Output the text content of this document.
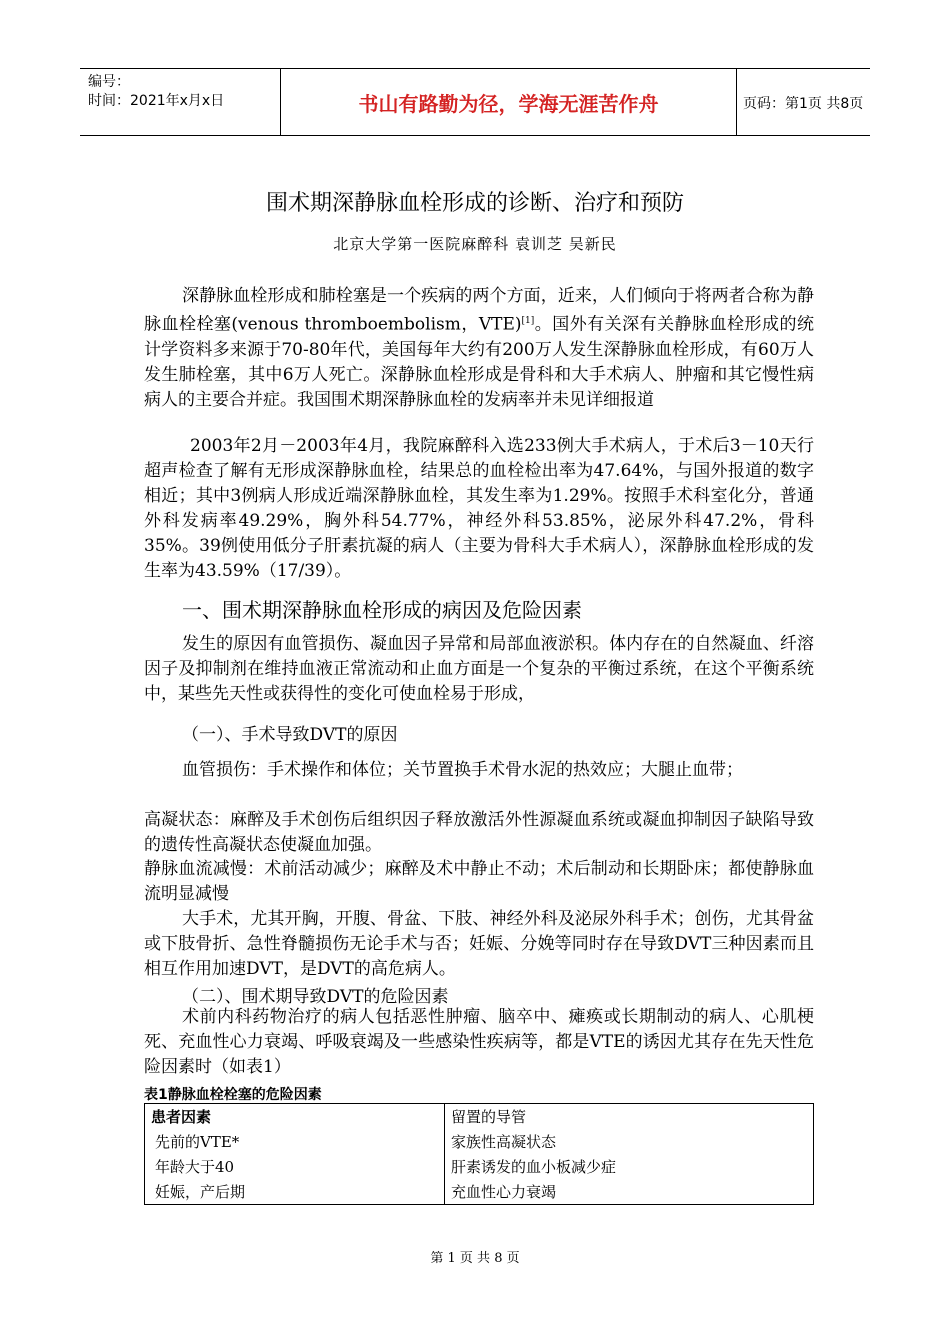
编号：
时间：2021年x月x日	书山有路勤为径，学海无涯苦作舟	页码：第1页 共8页
围术期深静脉血栓形成的诊断、治疗和预防
北京大学第一医院麻醉科 袁训芝 吴新民
深静脉血栓形成和肺栓塞是一个疾病的两个方面，近来，人们倾向于将两者合称为静脉血栓栓塞(venous thromboembolism，VTE)[1]。国外有关深有关静脉血栓形成的统计学资料多来源于70-80年代，美国每年大约有200万人发生深静脉血栓形成，有60万人发生肺栓塞，其中6万人死亡。深静脉血栓形成是骨科和大手术病人、肿瘤和其它慢性病病人的主要合并症。我国围术期深静脉血栓的发病率并未见详细报道
2003年2月－2003年4月，我院麻醉科入选233例大手术病人，于术后3－10天行超声检查了解有无形成深静脉血栓，结果总的血栓检出率为47.64%，与国外报道的数字相近；其中3例病人形成近端深静脉血栓，其发生率为1.29%。按照手术科室化分，普通外科发病率49.29%，胸外科54.77%，神经外科53.85%，泌尿外科47.2%，骨科35%。39例使用低分子肝素抗凝的病人（主要为骨科大手术病人），深静脉血栓形成的发生率为43.59%（17/39）。
一、围术期深静脉血栓形成的病因及危险因素
发生的原因有血管损伤、凝血因子异常和局部血液淤积。体内存在的自然凝血、纤溶因子及抑制剂在维持血液正常流动和止血方面是一个复杂的平衡过系统，在这个平衡系统中，某些先天性或获得性的变化可使血栓易于形成，
（一）、手术导致DVT的原因
血管损伤：手术操作和体位；关节置换手术骨水泥的热效应；大腿止血带；
高凝状态：麻醉及手术创伤后组织因子释放激活外性源凝血系统或凝血抑制因子缺陷导致的遗传性高凝状态使凝血加强。
静脉血流减慢：术前活动减少；麻醉及术中静止不动；术后制动和长期卧床；都使静脉血流明显减慢
大手术，尤其开胸，开腹、骨盆、下肢、神经外科及泌尿外科手术；创伤，尤其骨盆或下肢骨折、急性脊髓损伤无论手术与否；妊娠、分娩等同时存在导致DVT三种因素而且相互作用加速DVT，是DVT的高危病人。
（二）、围术期导致DVT的危险因素
术前内科药物治疗的病人包括恶性肿瘤、脑卒中、瘫痪或长期制动的病人、心肌梗死、充血性心力衰竭、呼吸衰竭及一些感染性疾病等，都是VTE的诱因尤其存在先天性危险因素时（如表1）
表1静脉血栓栓塞的危险因素
患者因素	留置的导管
先前的VTE*	家族性高凝状态
年龄大于40	肝素诱发的血小板减少症
妊娠，产后期	充血性心力衰竭
第 1 页 共 8 页
